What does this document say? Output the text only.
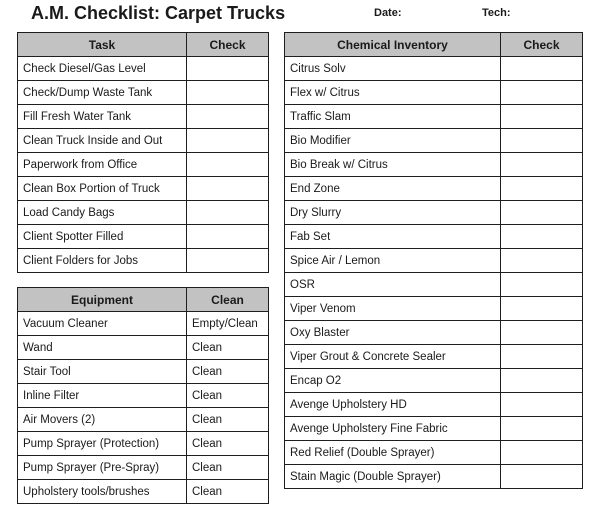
A.M. Checklist: Carpet Trucks	Date:	Tech:
Task	Check
Check Diesel/Gas Level	
Check/Dump Waste Tank	
Fill Fresh Water Tank	
Clean Truck Inside and Out	
Paperwork from Office	
Clean Box Portion of Truck	
Load Candy Bags	
Client Spotter Filled	
Client Folders for Jobs	
Equipment	Clean
Vacuum Cleaner	Empty/Clean
Wand	Clean
Stair Tool	Clean
Inline Filter	Clean
Air Movers (2)	Clean
Pump Sprayer (Protection)	Clean
Pump Sprayer (Pre-Spray)	Clean
Upholstery tools/brushes	Clean
Chemical Inventory	Check
Citrus Solv	
Flex w/ Citrus	
Traffic Slam	
Bio Modifier	
Bio Break w/ Citrus	
End Zone	
Dry Slurry	
Fab Set	
Spice Air / Lemon	
OSR	
Viper Venom	
Oxy Blaster	
Viper Grout & Concrete Sealer	
Encap O2	
Avenge Upholstery HD	
Avenge Upholstery Fine Fabric	
Red Relief (Double Sprayer)	
Stain Magic (Double Sprayer)	
